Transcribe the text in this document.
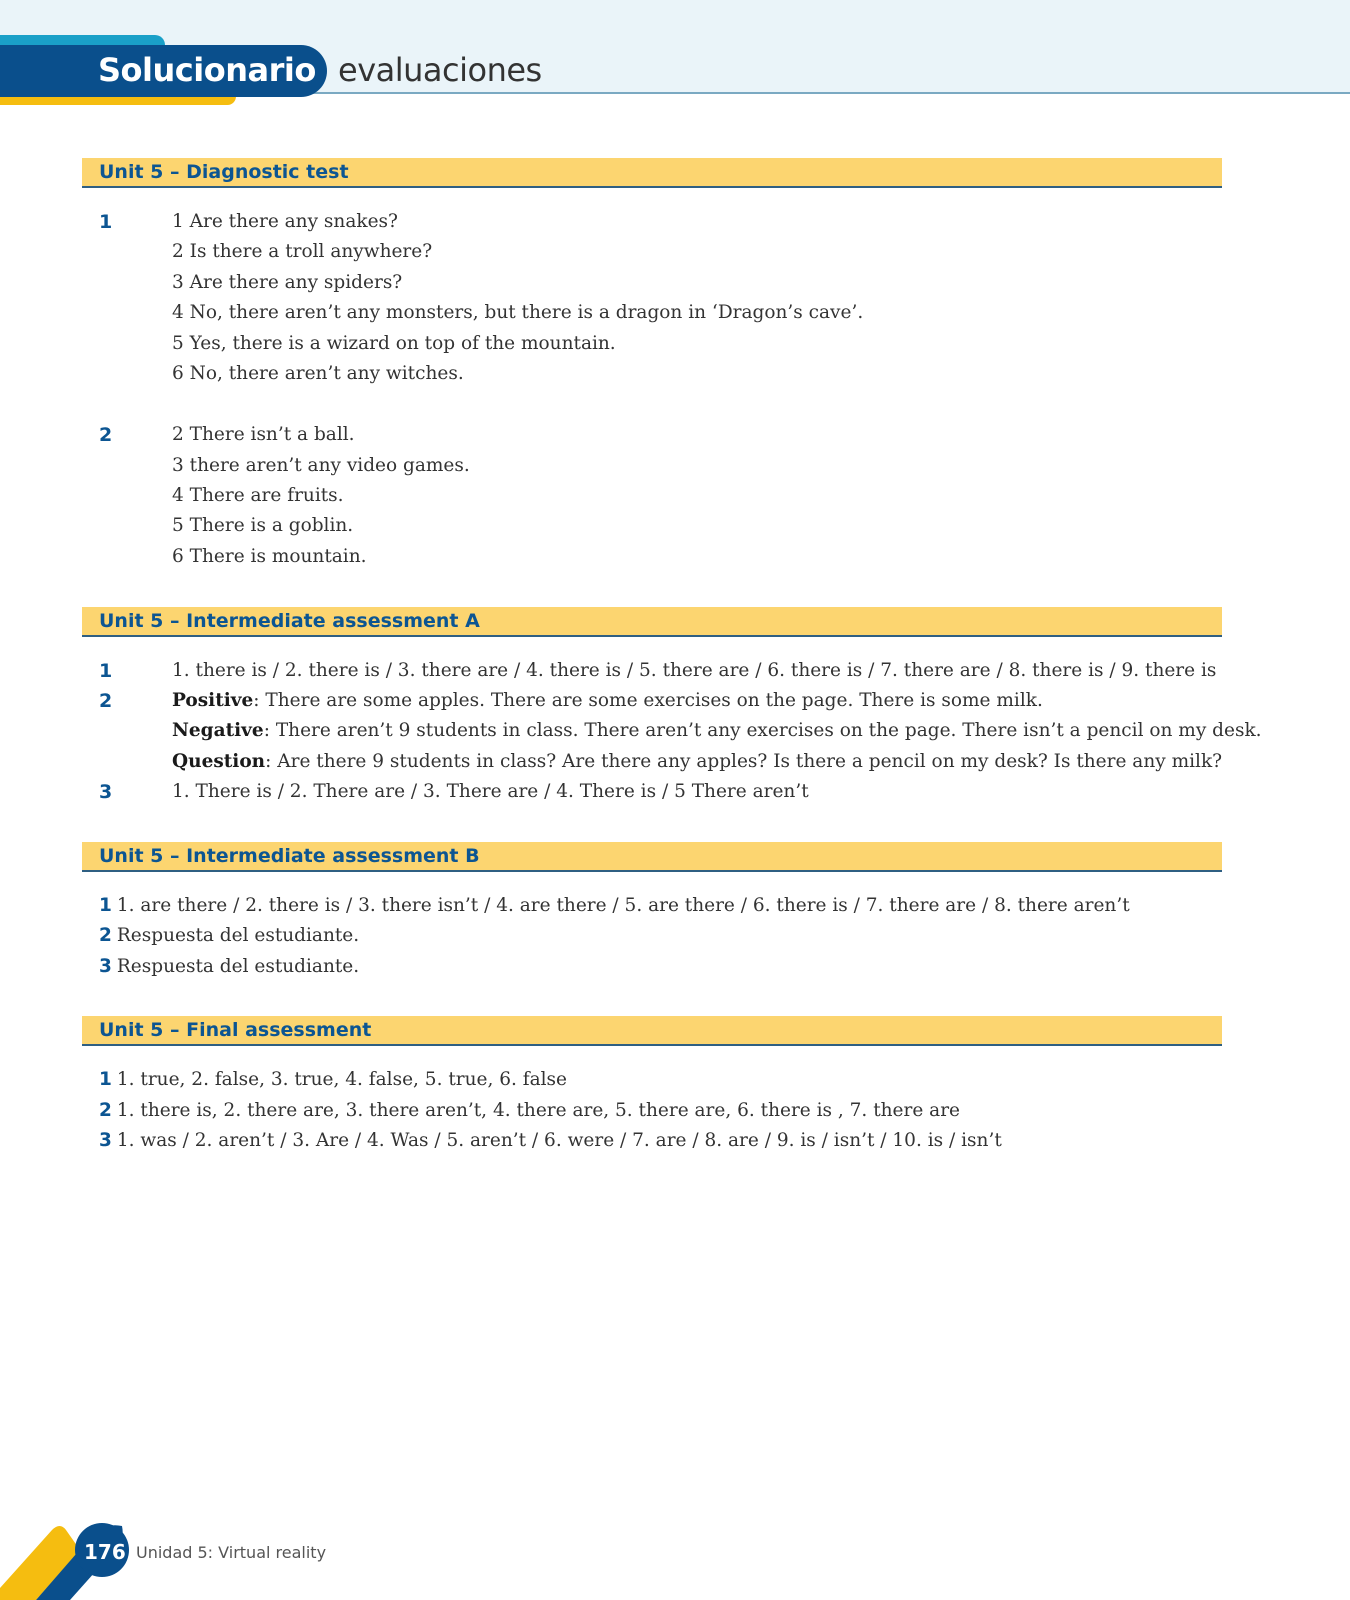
Solucionario evaluaciones
Unit 5 – Diagnostic test
1	1 Are there any snakes?
2 Is there a troll anywhere?
3 Are there any spiders?
4 No, there aren’t any monsters, but there is a dragon in ‘Dragon’s cave’.
5 Yes, there is a wizard on top of the mountain.
6 No, there aren’t any witches.
2	2 There isn’t a ball.
3 there aren’t any video games.
4 There are fruits.
5 There is a goblin.
6 There is mountain.
Unit 5 – Intermediate assessment A
1	1. there is / 2. there is / 3. there are / 4. there is / 5. there are / 6. there is / 7. there are / 8. there is / 9. there is
2	Positive: There are some apples. There are some exercises on the page. There is some milk.
Negative: There aren’t 9 students in class. There aren’t any exercises on the page. There isn’t a pencil on my desk.
Question: Are there 9 students in class? Are there any apples? Is there a pencil on my desk? Is there any milk?
3	1. There is / 2. There are / 3. There are / 4. There is / 5 There aren’t
Unit 5 – Intermediate assessment B
1 1. are there / 2. there is / 3. there isn’t / 4. are there / 5. are there / 6. there is / 7. there are / 8. there aren’t
2 Respuesta del estudiante.
3 Respuesta del estudiante.
Unit 5 – Final assessment
1 1. true, 2. false, 3. true, 4. false, 5. true, 6. false
2 1. there is, 2. there are, 3. there aren’t, 4. there are, 5. there are, 6. there is , 7. there are
3 1. was / 2. aren’t / 3. Are / 4. Was / 5. aren’t / 6. were / 7. are / 8. are / 9. is / isn’t / 10. is / isn’t
176 Unidad 5: Virtual reality
